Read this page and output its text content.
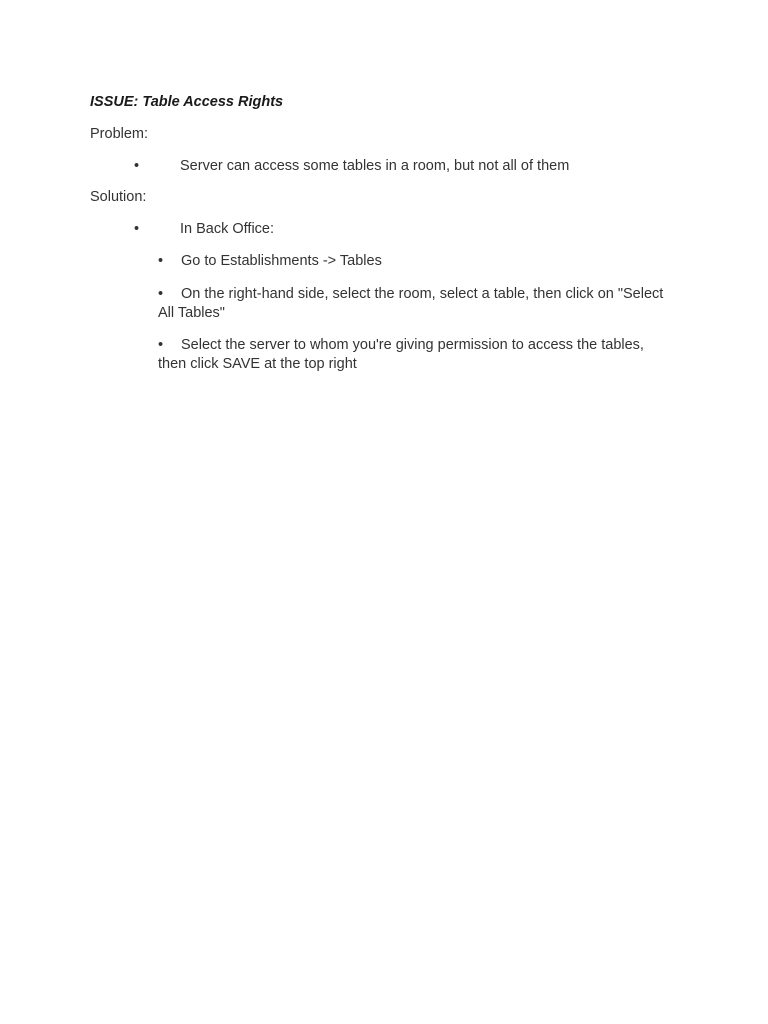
ISSUE: Table Access Rights
Problem:
•	Server can access some tables in a room, but not all of them
Solution:
•	In Back Office:
• Go to Establishments -> Tables
• On the right-hand side, select the room, select a table, then click on "Select All Tables"
• Select the server to whom you're giving permission to access the tables, then click SAVE at the top right
